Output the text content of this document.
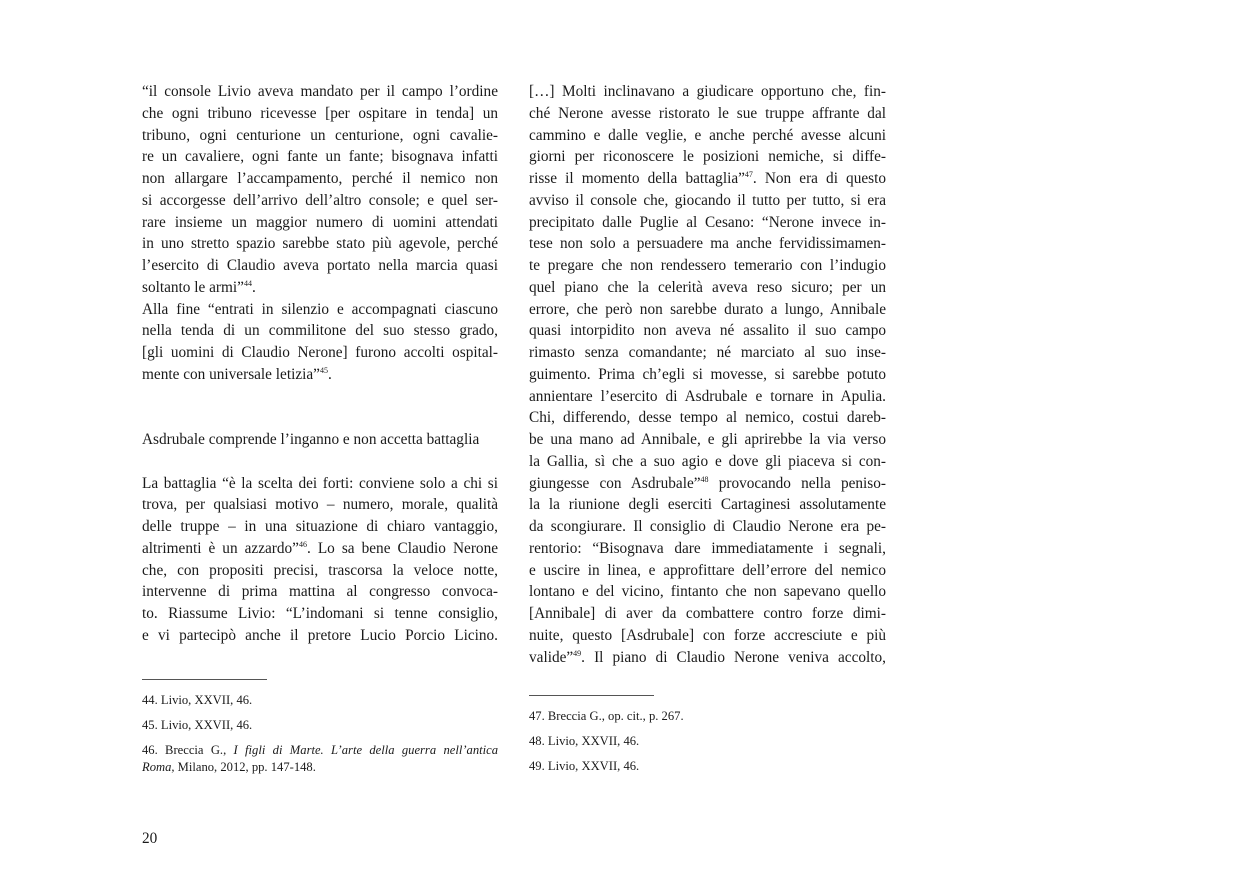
“il console Livio aveva mandato per il campo l’ordine
che ogni tribuno ricevesse [per ospitare in tenda] un
tribuno, ogni centurione un centurione, ogni cavalie-
re un cavaliere, ogni fante un fante; bisognava infatti
non allargare l’accampamento, perché il nemico non
si accorgesse dell’arrivo dell’altro console; e quel ser-
rare insieme un maggior numero di uomini attendati
in uno stretto spazio sarebbe stato più agevole, perché
l’esercito di Claudio aveva portato nella marcia quasi
soltanto le armi”$^{44}$.
Alla fine “entrati in silenzio e accompagnati ciascuno
nella tenda di un commilitone del suo stesso grado,
[gli uomini di Claudio Nerone] furono accolti ospital-
mente con universale letizia”$^{45}$.
Asdrubale comprende l’inganno e non accetta battaglia
La battaglia “è la scelta dei forti: conviene solo a chi si
trova, per qualsiasi motivo – numero, morale, qualità
delle truppe – in una situazione di chiaro vantaggio,
altrimenti è un azzardo”$^{46}$. Lo sa bene Claudio Nerone
che, con propositi precisi, trascorsa la veloce notte,
intervenne di prima mattina al congresso convoca-
to. Riassume Livio: “L’indomani si tenne consiglio,
e vi partecipò anche il pretore Lucio Porcio Licino.
[…] Molti inclinavano a giudicare opportuno che, fin-
ché Nerone avesse ristorato le sue truppe affrante dal
cammino e dalle veglie, e anche perché avesse alcuni
giorni per riconoscere le posizioni nemiche, si diffe-
risse il momento della battaglia”$^{47}$. Non era di questo
avviso il console che, giocando il tutto per tutto, si era
precipitato dalle Puglie al Cesano: “Nerone invece in-
tese non solo a persuadere ma anche fervidissimamen-
te pregare che non rendessero temerario con l’indugio
quel piano che la celerità aveva reso sicuro; per un
errore, che però non sarebbe durato a lungo, Annibale
quasi intorpidito non aveva né assalito il suo campo
rimasto senza comandante; né marciato al suo inse-
guimento. Prima ch’egli si movesse, si sarebbe potuto
annientare l’esercito di Asdrubale e tornare in Apulia.
Chi, differendo, desse tempo al nemico, costui dareb-
be una mano ad Annibale, e gli aprirebbe la via verso
la Gallia, sì che a suo agio e dove gli piaceva si con-
giungesse con Asdrubale”$^{48}$ provocando nella peniso-
la la riunione degli eserciti Cartaginesi assolutamente
da scongiurare. Il consiglio di Claudio Nerone era pe-
rentorio: “Bisognava dare immediatamente i segnali,
e uscire in linea, e approfittare dell’errore del nemico
lontano e del vicino, fintanto che non sapevano quello
[Annibale] di aver da combattere contro forze dimi-
nuite, questo [Asdrubale] con forze accresciute e più
valide”$^{49}$. Il piano di Claudio Nerone veniva accolto,
44. Livio, XXVII, 46.
45. Livio, XXVII, 46.
46. Breccia G., I figli di Marte. L’arte della guerra nell’antica
Roma, Milano, 2012, pp. 147-148.
47. Breccia G., op. cit., p. 267.
48. Livio, XXVII, 46.
49. Livio, XXVII, 46.
20
